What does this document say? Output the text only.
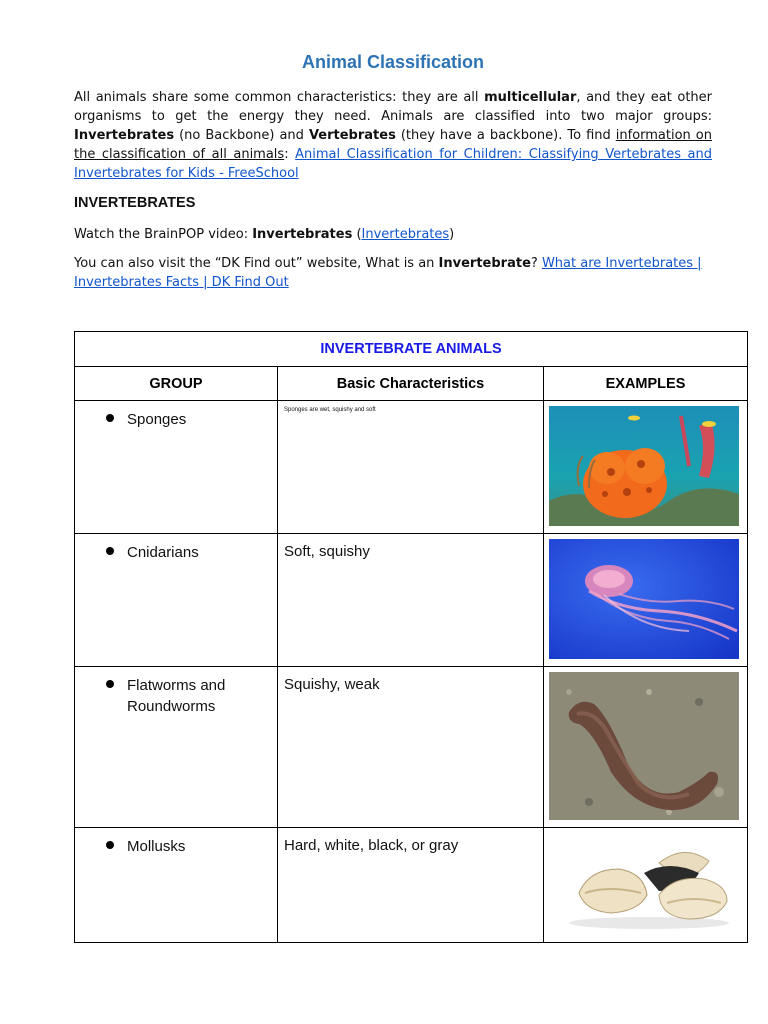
Animal Classification

All animals share some common characteristics: they are all multicellular, and they eat other organisms to get the energy they need. Animals are classified into two major groups: Invertebrates (no Backbone) and Vertebrates (they have a backbone). To find information on the classification of all animals: Animal Classification for Children: Classifying Vertebrates and Invertebrates for Kids - FreeSchool

INVERTEBRATES

Watch the BrainPOP video: Invertebrates (Invertebrates)

You can also visit the “DK Find out” website, What is an Invertebrate? What are Invertebrates | Invertebrates Facts | DK Find Out

INVERTEBRATE ANIMALS		
GROUP	Basic Characteristics	EXAMPLES

Sponges	Sponges are wet, squishy and soft	

Cnidarians	Soft, squishy	

Flatworms and Roundworms	Squishy, weak	

Mollusks	Hard, white, black, or gray	
